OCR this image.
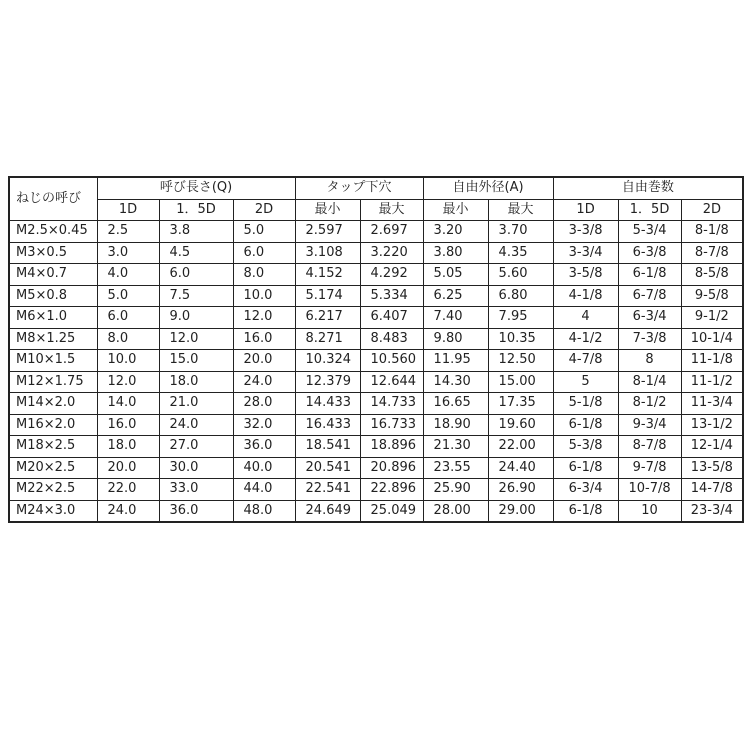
ねじの呼び	呼び長さ(Q)			タップ下穴		自由外径(A)		自由巻数		
	1D	1．5D	2D	最小	最大	最小	最大	1D	1．5D	2D
M2.5×0.45	2.5	3.8	5.0	2.597	2.697	3.20	3.70	3-3/8	5-3/4	8-1/8
M3×0.5	3.0	4.5	6.0	3.108	3.220	3.80	4.35	3-3/4	6-3/8	8-7/8
M4×0.7	4.0	6.0	8.0	4.152	4.292	5.05	5.60	3-5/8	6-1/8	8-5/8
M5×0.8	5.0	7.5	10.0	5.174	5.334	6.25	6.80	4-1/8	6-7/8	9-5/8
M6×1.0	6.0	9.0	12.0	6.217	6.407	7.40	7.95	4	6-3/4	9-1/2
M8×1.25	8.0	12.0	16.0	8.271	8.483	9.80	10.35	4-1/2	7-3/8	10-1/4
M10×1.5	10.0	15.0	20.0	10.324	10.560	11.95	12.50	4-7/8	8	11-1/8
M12×1.75	12.0	18.0	24.0	12.379	12.644	14.30	15.00	5	8-1/4	11-1/2
M14×2.0	14.0	21.0	28.0	14.433	14.733	16.65	17.35	5-1/8	8-1/2	11-3/4
M16×2.0	16.0	24.0	32.0	16.433	16.733	18.90	19.60	6-1/8	9-3/4	13-1/2
M18×2.5	18.0	27.0	36.0	18.541	18.896	21.30	22.00	5-3/8	8-7/8	12-1/4
M20×2.5	20.0	30.0	40.0	20.541	20.896	23.55	24.40	6-1/8	9-7/8	13-5/8
M22×2.5	22.0	33.0	44.0	22.541	22.896	25.90	26.90	6-3/4	10-7/8	14-7/8
M24×3.0	24.0	36.0	48.0	24.649	25.049	28.00	29.00	6-1/8	10	23-3/4
